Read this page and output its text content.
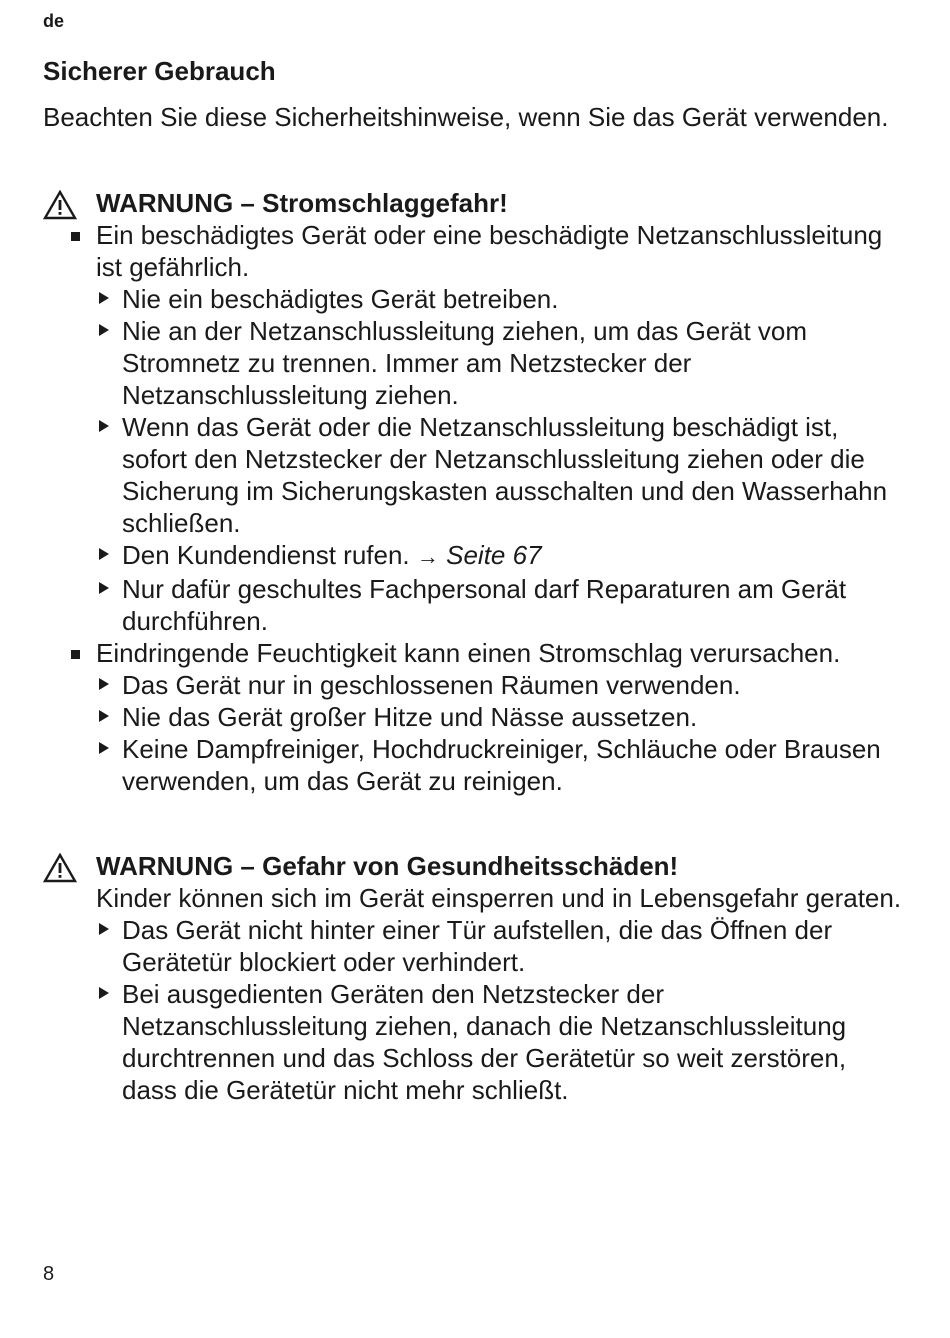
de
Sicherer Gebrauch

Beachten Sie diese Sicherheitshinweise, wenn Sie das Gerät verwenden.

WARNUNG – Stromschlaggefahr!
Ein beschädigtes Gerät oder eine beschädigte Netzanschlussleitung ist gefährlich.
Nie ein beschädigtes Gerät betreiben.
Nie an der Netzanschlussleitung ziehen, um das Gerät vom Stromnetz zu trennen. Immer am Netzstecker der Netzanschlussleitung ziehen.
Wenn das Gerät oder die Netzanschlussleitung beschädigt ist, sofort den Netzstecker der Netzanschlussleitung ziehen oder die Sicherung im Sicherungskasten ausschalten und den Wasserhahn schließen.
Den Kundendienst rufen. → Seite 67
Nur dafür geschultes Fachpersonal darf Reparaturen am Gerät durchführen.
Eindringende Feuchtigkeit kann einen Stromschlag verursachen.
Das Gerät nur in geschlossenen Räumen verwenden.
Nie das Gerät großer Hitze und Nässe aussetzen.
Keine Dampfreiniger, Hochdruckreiniger, Schläuche oder Brausen verwenden, um das Gerät zu reinigen.
WARNUNG – Gefahr von Gesundheitsschäden!
Kinder können sich im Gerät einsperren und in Lebensgefahr geraten.
Das Gerät nicht hinter einer Tür aufstellen, die das Öffnen der Gerätetür blockiert oder verhindert.
Bei ausgedienten Geräten den Netzstecker der Netzanschlussleitung ziehen, danach die Netzanschlussleitung durchtrennen und das Schloss der Gerätetür so weit zerstören, dass die Gerätetür nicht mehr schließt.
8
